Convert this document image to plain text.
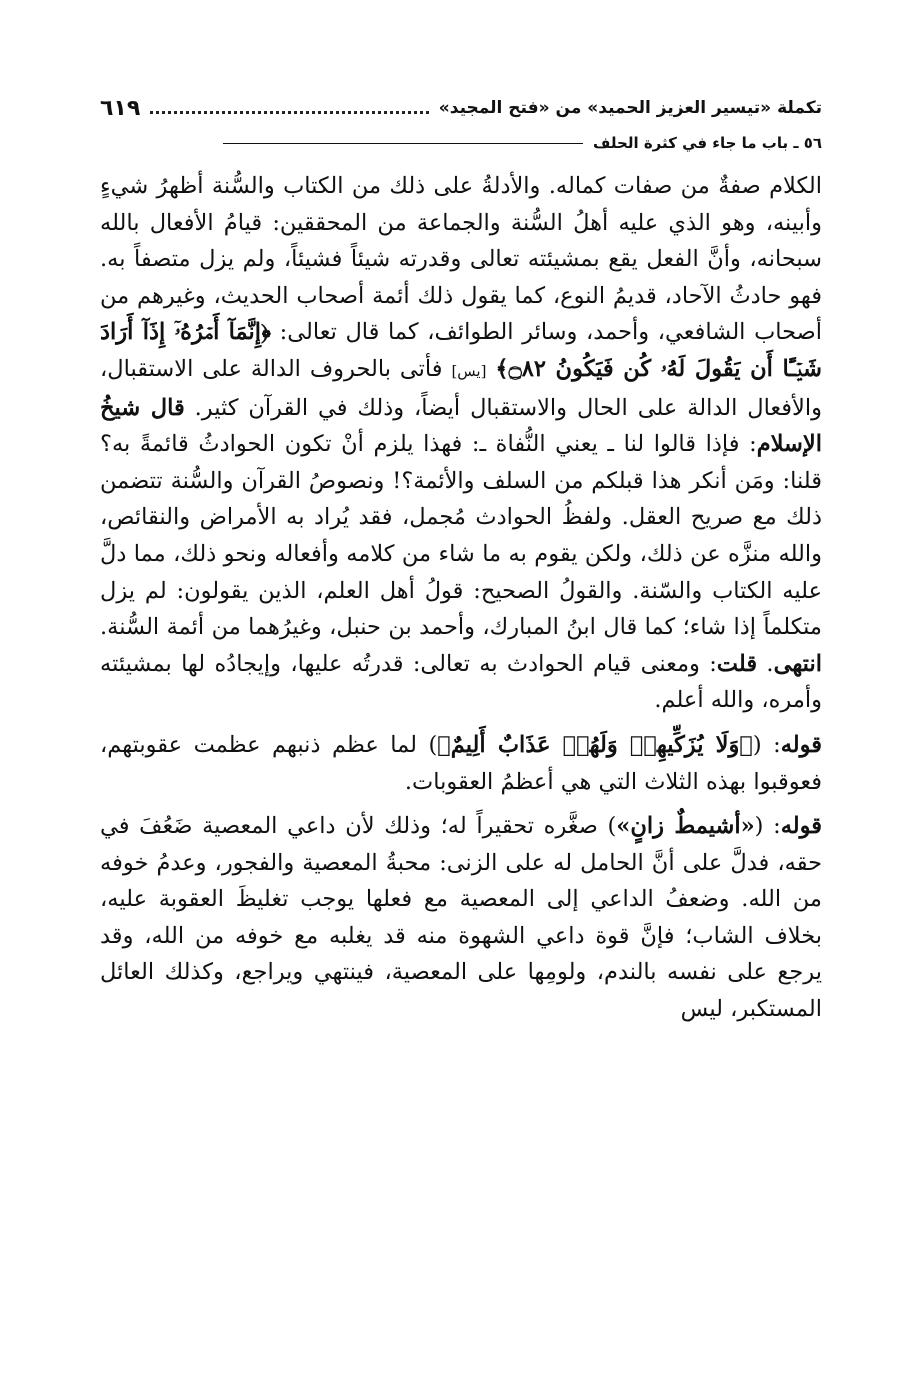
تكملة «تيسير العزيز الحميد» من «فتح المجيد»
٦١٩
٥٦ ـ باب ما جاء في كثرة الحلف

الكلام صفةٌ من صفات كماله. والأدلةُ على ذلك من الكتاب والسُّنة أظهرُ شيءٍ وأبينه، وهو الذي عليه أهلُ السُّنة والجماعة من المحققين: قيامُ الأفعال بالله سبحانه، وأنَّ الفعل يقع بمشيئته تعالى وقدرته شيئاً فشيئاً، ولم يزل متصفاً به. فهو حادثُ الآحاد، قديمُ النوع، كما يقول ذلك أئمة أصحاب الحديث، وغيرهم من أصحاب الشافعي، وأحمد، وسائر الطوائف، كما قال تعالى: ﴿إِنَّمَآ أَمۡرُهُۥٓ إِذَآ أَرَادَ شَيۡـًٔا أَن يَقُولَ لَهُۥ كُن فَيَكُونُ ۝٨٢﴾ [يس] فأتى بالحروف الدالة على الاستقبال، والأفعال الدالة على الحال والاستقبال أيضاً، وذلك في القرآن كثير. قال شيخُ الإسلام: فإذا قالوا لنا ـ يعني النُّفاة ـ: فهذا يلزم أنْ تكون الحوادثُ قائمةً به؟ قلنا: ومَن أنكر هذا قبلكم من السلف والأئمة؟! ونصوصُ القرآن والسُّنة تتضمن ذلك مع صريح العقل. ولفظُ الحوادث مُجمل، فقد يُراد به الأمراض والنقائص، والله منزَّه عن ذلك، ولكن يقوم به ما شاء من كلامه وأفعاله ونحو ذلك، مما دلَّ عليه الكتاب والسّنة. والقولُ الصحيح: قولُ أهل العلم، الذين يقولون: لم يزل متكلماً إذا شاء؛ كما قال ابنُ المبارك، وأحمد بن حنبل، وغيرُهما من أئمة السُّنة. انتهى. قلت: ومعنى قيام الحوادث به تعالى: قدرتُه عليها، وإيجادُه لها بمشيئته وأمره، والله أعلم.

قوله: (﴿وَلَا يُزَكِّيهِمۡ وَلَهُمۡ عَذَابٌ أَلِيمٌ﴾) لما عظم ذنبهم عظمت عقوبتهم، فعوقبوا بهذه الثلاث التي هي أعظمُ العقوبات.

قوله: («أشيمطٌ زانٍ») صغَّره تحقيراً له؛ وذلك لأن داعي المعصية ضَعُفَ في حقه، فدلَّ على أنَّ الحامل له على الزنى: محبةُ المعصية والفجور، وعدمُ خوفه من الله. وضعفُ الداعي إلى المعصية مع فعلها يوجب تغليظَ العقوبة عليه، بخلاف الشاب؛ فإنَّ قوة داعي الشهوة منه قد يغلبه مع خوفه من الله، وقد يرجع على نفسه بالندم، ولومِها على المعصية، فينتهي ويراجع، وكذلك العائل المستكبر، ليس
